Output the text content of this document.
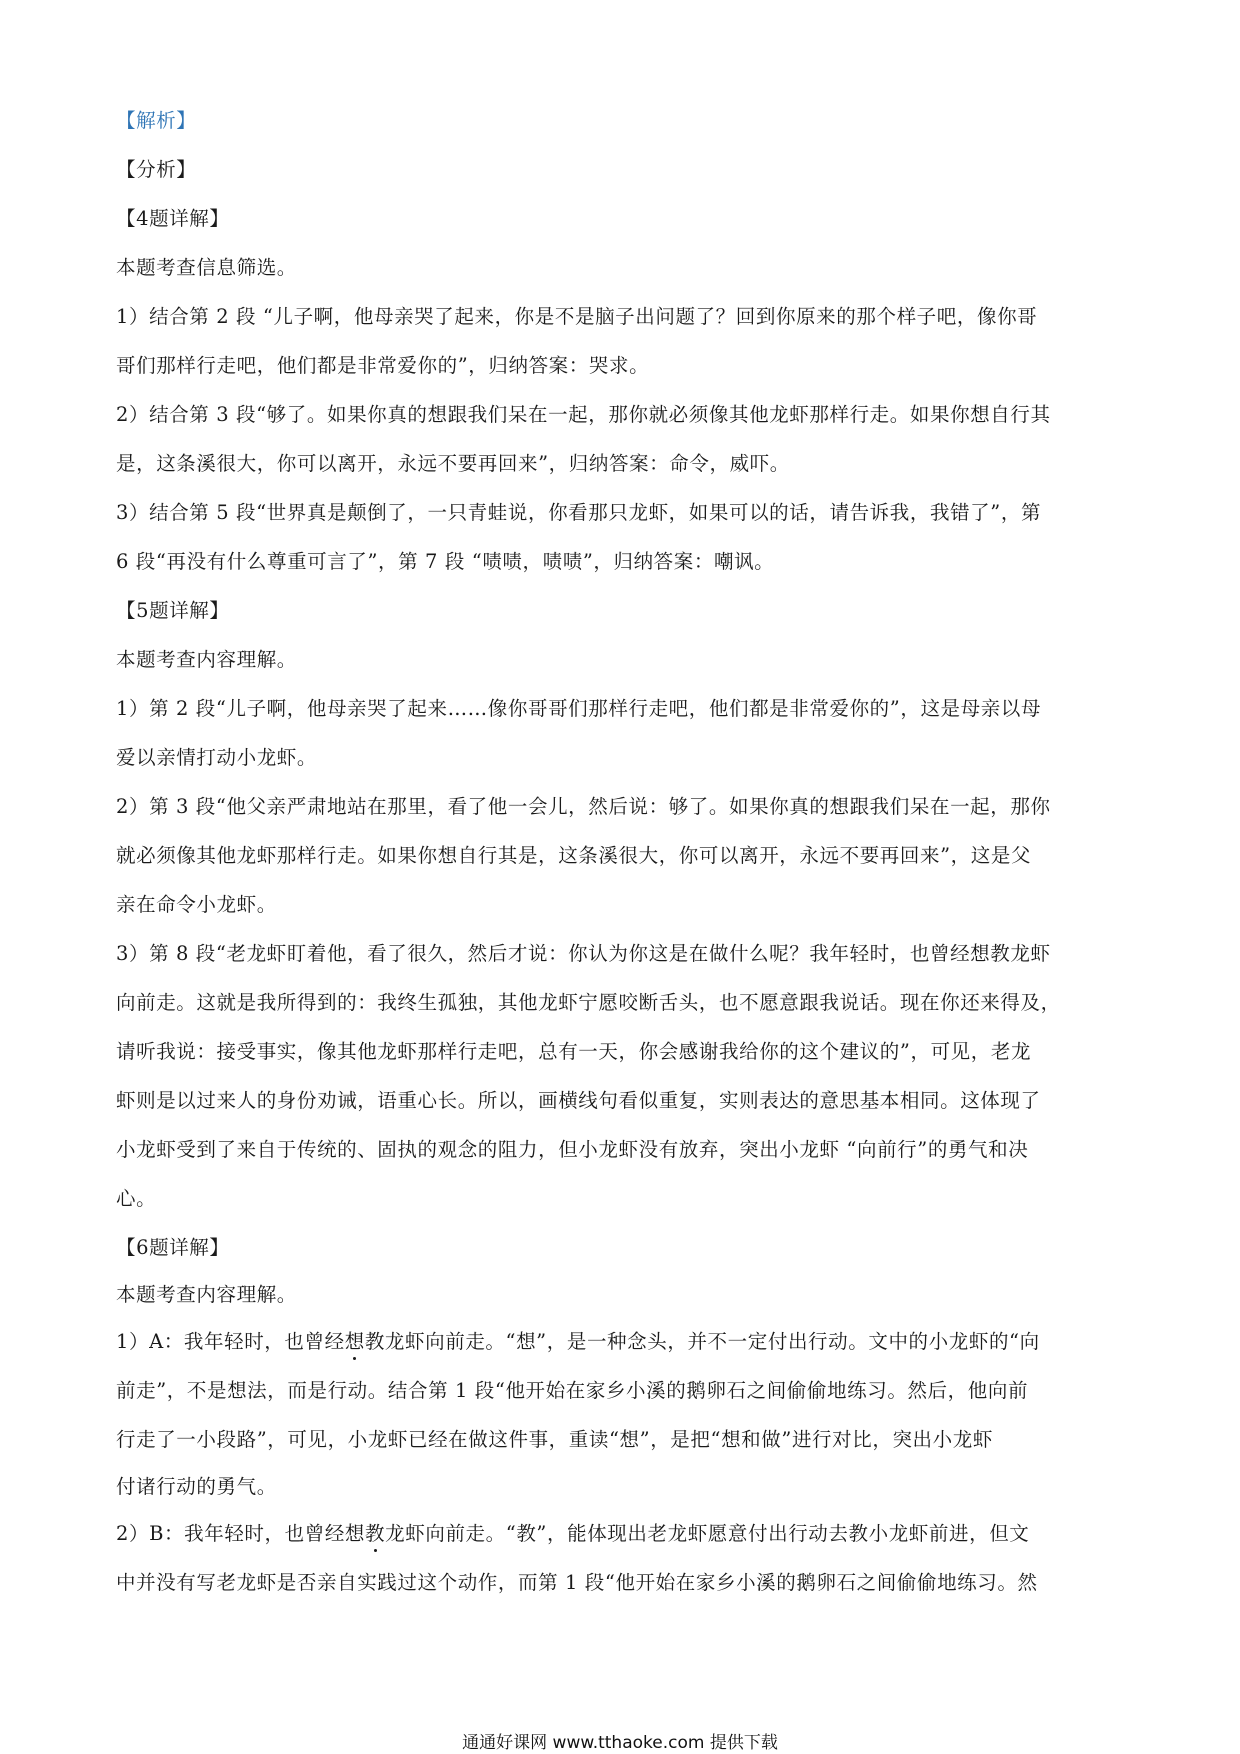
【解析】
【分析】
【4题详解】
本题考查信息筛选。
1）结合第 2 段 “儿子啊，他母亲哭了起来，你是不是脑子出问题了？回到你原来的那个样子吧，像你哥
哥们那样行走吧，他们都是非常爱你的”，归纳答案：哭求。
2）结合第 3 段“够了。如果你真的想跟我们呆在一起，那你就必须像其他龙虾那样行走。如果你想自行其
是，这条溪很大，你可以离开，永远不要再回来”，归纳答案：命令，威吓。
3）结合第 5 段“世界真是颠倒了，一只青蛙说，你看那只龙虾，如果可以的话，请告诉我，我错了”，第
6 段“再没有什么尊重可言了”，第 7 段 “啧啧，啧啧”，归纳答案：嘲讽。
【5题详解】
本题考查内容理解。
1）第 2 段“儿子啊，他母亲哭了起来……像你哥哥们那样行走吧，他们都是非常爱你的”，这是母亲以母
爱以亲情打动小龙虾。
2）第 3 段“他父亲严肃地站在那里，看了他一会儿，然后说：够了。如果你真的想跟我们呆在一起，那你
就必须像其他龙虾那样行走。如果你想自行其是，这条溪很大，你可以离开，永远不要再回来”，这是父
亲在命令小龙虾。
3）第 8 段“老龙虾盯着他，看了很久，然后才说：你认为你这是在做什么呢？我年轻时，也曾经想教龙虾
向前走。这就是我所得到的：我终生孤独，其他龙虾宁愿咬断舌头，也不愿意跟我说话。现在你还来得及，
请听我说：接受事实，像其他龙虾那样行走吧，总有一天，你会感谢我给你的这个建议的”，可见，老龙
虾则是以过来人的身份劝诫，语重心长。所以，画横线句看似重复，实则表达的意思基本相同。这体现了
小龙虾受到了来自于传统的、固执的观念的阻力，但小龙虾没有放弃，突出小龙虾 “向前行”的勇气和决
心。
【6题详解】
本题考查内容理解。
1）A：我年轻时，也曾经想教龙虾向前走。“想”，是一种念头，并不一定付出行动。文中的小龙虾的“向
前走”，不是想法，而是行动。结合第 1 段“他开始在家乡小溪的鹅卵石之间偷偷地练习。然后，他向前
行走了一小段路”，可见，小龙虾已经在做这件事，重读“想”，是把“想和做”进行对比，突出小龙虾
付诸行动的勇气。
2）B：我年轻时，也曾经想教龙虾向前走。“教”，能体现出老龙虾愿意付出行动去教小龙虾前进，但文
中并没有写老龙虾是否亲自实践过这个动作，而第 1 段“他开始在家乡小溪的鹅卵石之间偷偷地练习。然
通通好课网 www.tthaoke.com 提供下载
